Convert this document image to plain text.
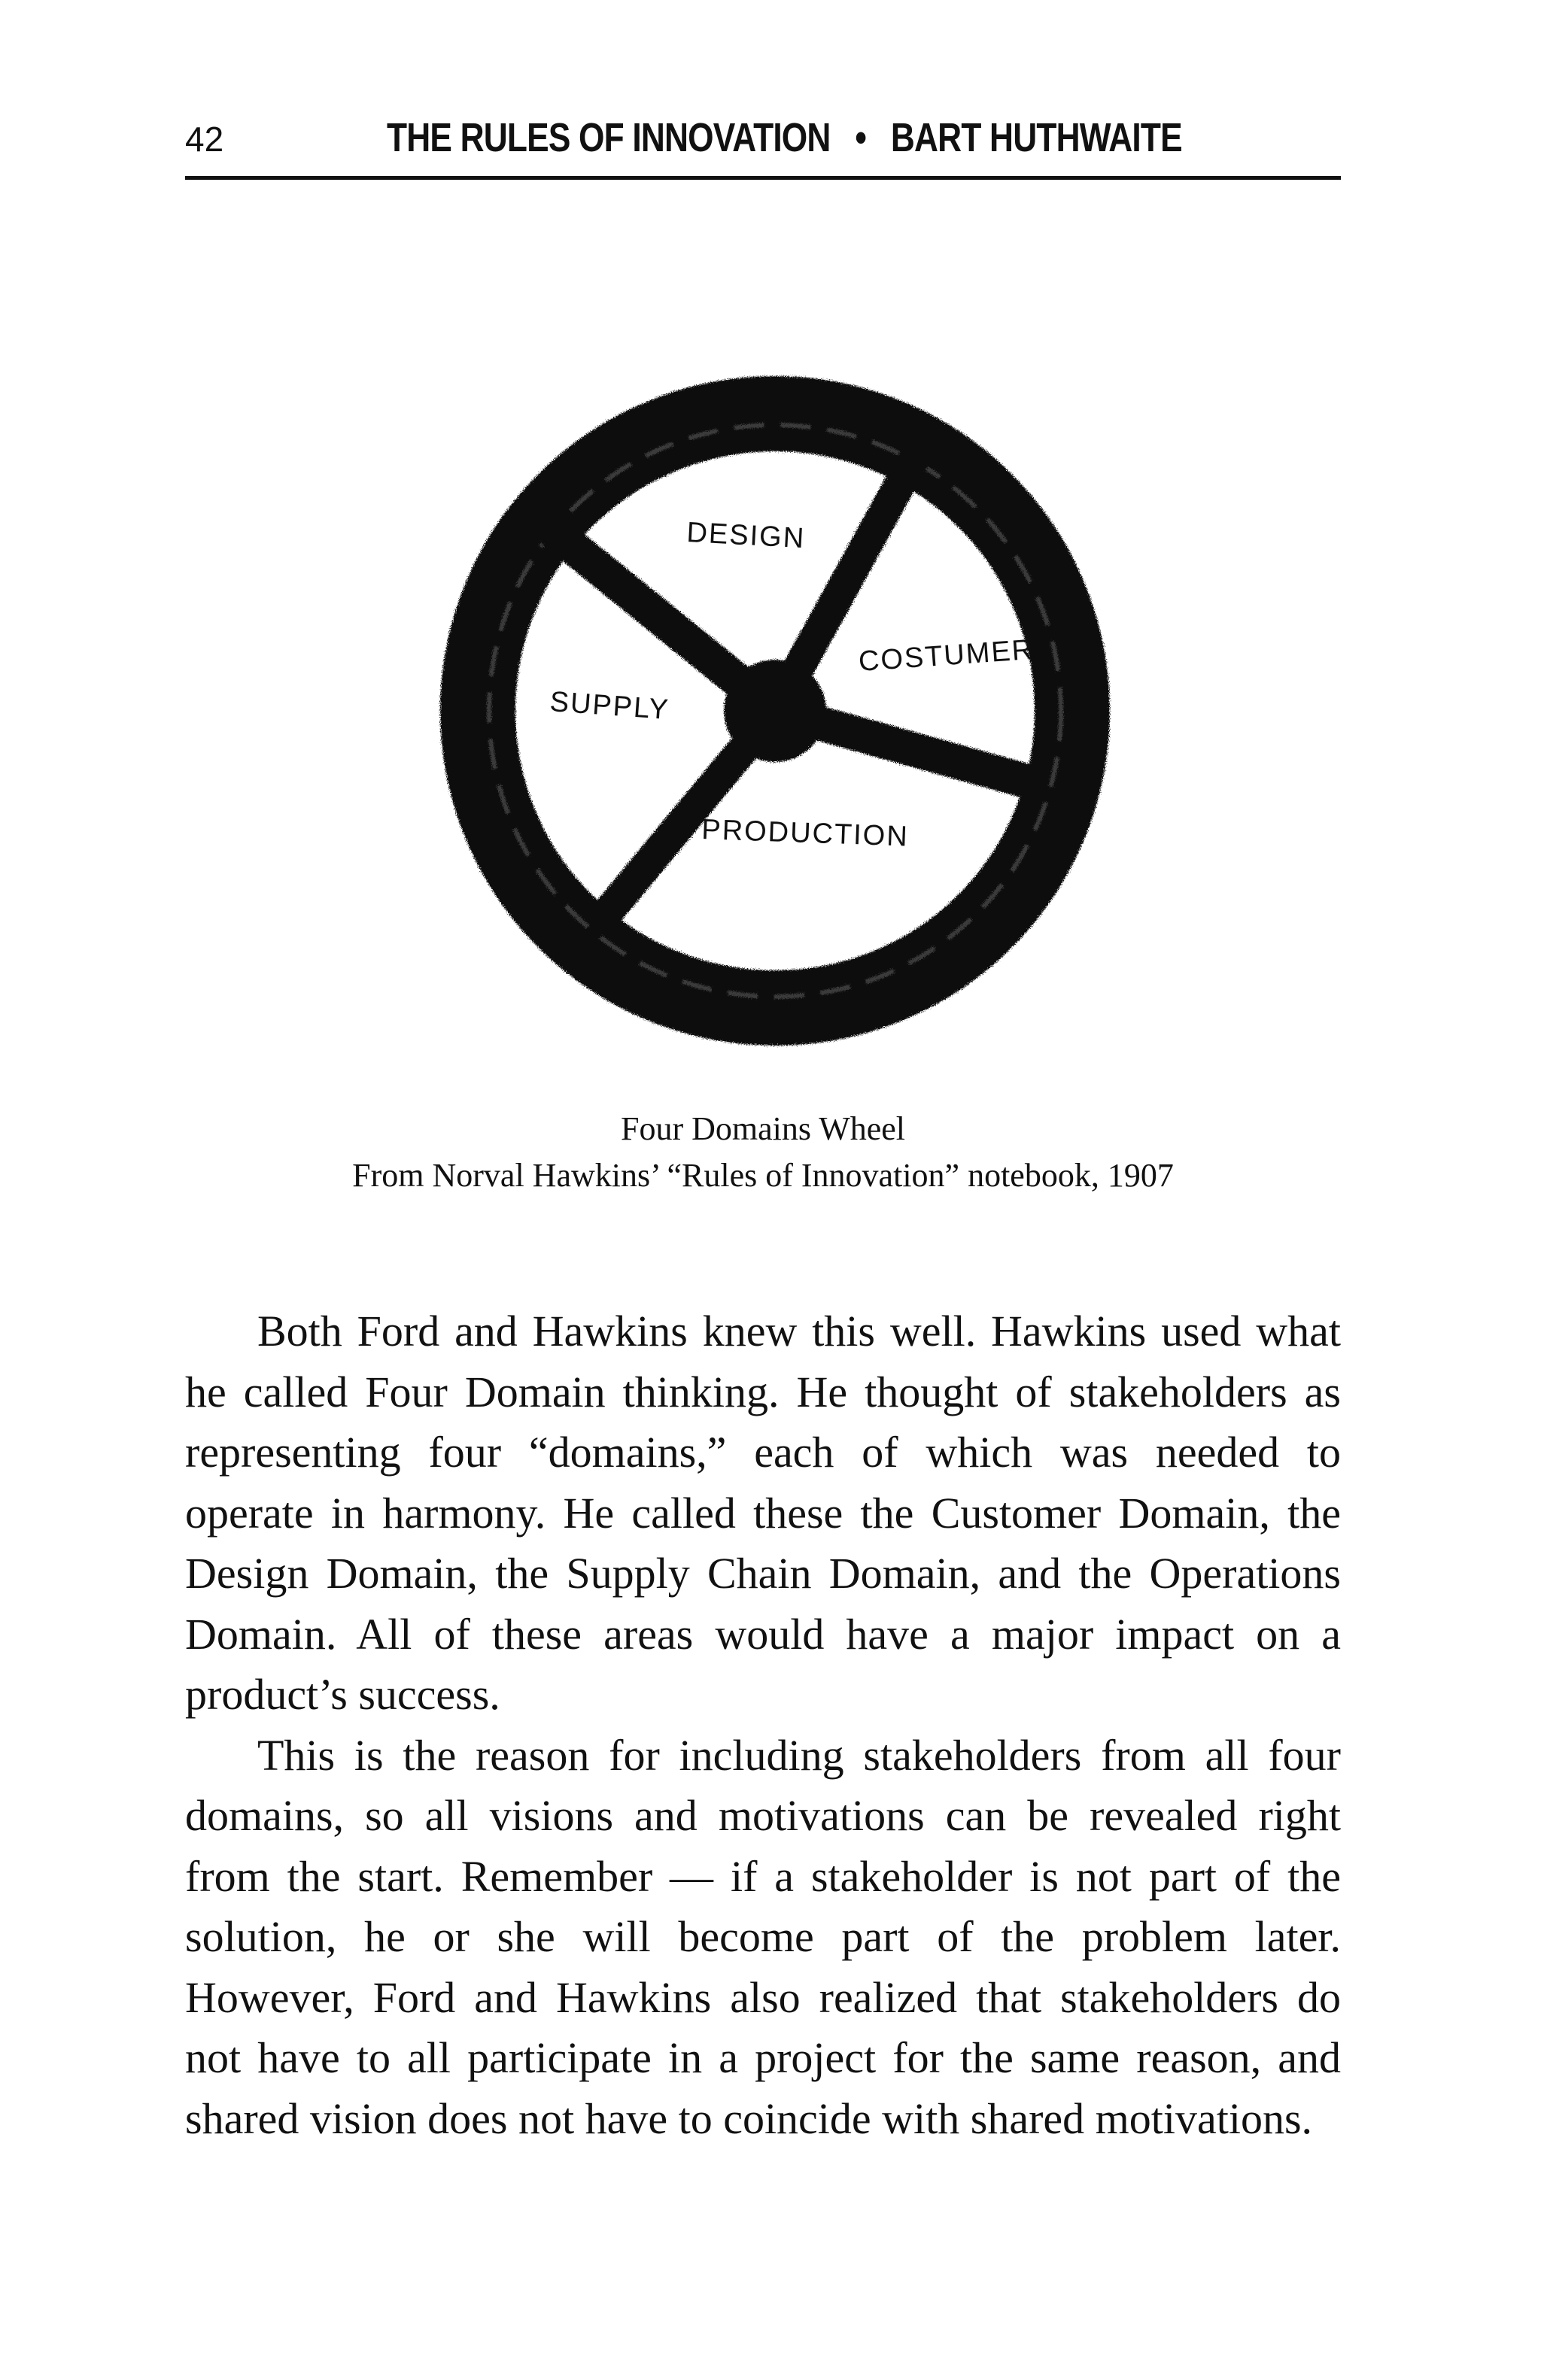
42	THE RULES OF INNOVATION • BART HUTHWAITE
DESIGN
SUPPLY
COSTUMER
PRODUCTION
Four Domains Wheel
From Norval Hawkins’ “Rules of Innovation” notebook, 1907

Both Ford and Hawkins knew this well. Hawkins used what he called Four Domain thinking. He thought of stakeholders as representing four “domains,” each of which was needed to operate in harmony. He called these the Customer Domain, the Design Domain, the Supply Chain Domain, and the Operations Domain. All of these areas would have a major impact on a product’s success.

This is the reason for including stakeholders from all four domains, so all visions and motivations can be revealed right from the start. Remember — if a stakeholder is not part of the solution, he or she will become part of the problem later. However, Ford and Hawkins also realized that stakeholders do not have to all participate in a project for the same reason, and shared vision does not have to coincide with shared motivations.
